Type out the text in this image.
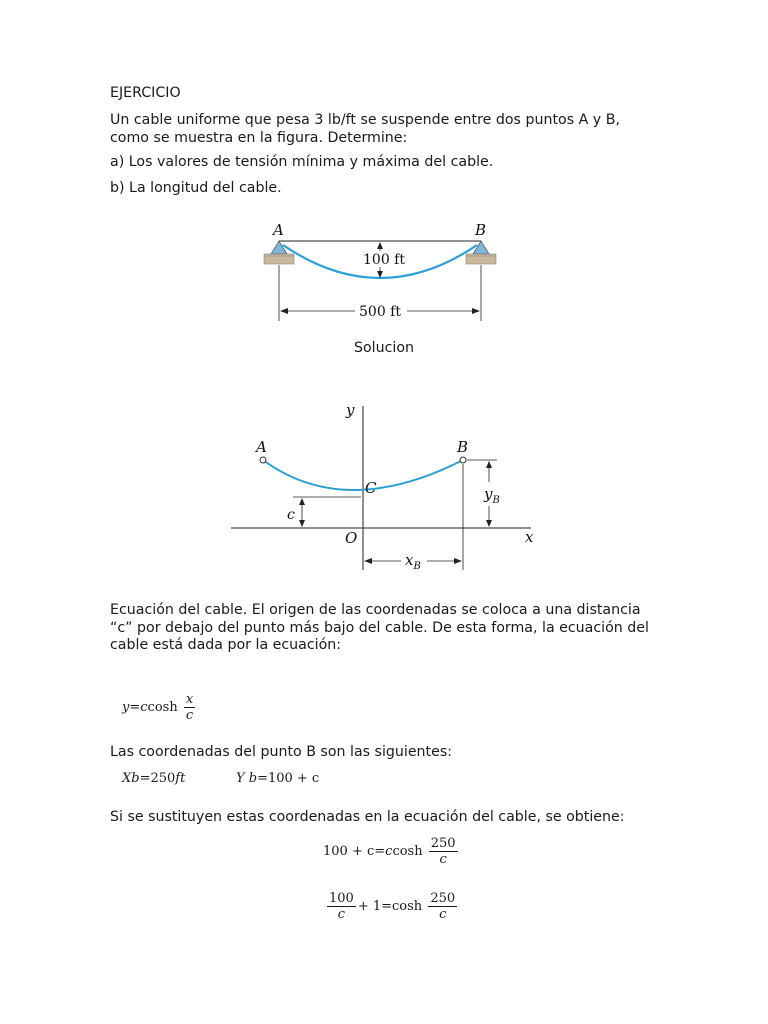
EJERCICIO

Un cable uniforme que pesa 3 lb/ft se suspende entre dos puntos A y B, como se muestra en la figura. Determine:

a) Los valores de tensión mínima y máxima del cable.

b) La longitud del cable.

100 ft
500 ft
A	B

Solucion

y
x
A	B
C
O
c
$y_B$
$x_B$

Ecuación del cable. El origen de las coordenadas se coloca a una distancia “c” por debajo del punto más bajo del cable. De esta forma, la ecuación del cable está dada por la ecuación:

$y=ccosh \frac{x}{c}$

Las coordenadas del punto B son las siguientes:

Xb=250ft	Y b=100 + c

Si se sustituyen estas coordenadas en la ecuación del cable, se obtiene:

$100 + c=ccosh \frac{250}{c}$
$\frac{100}{c} + 1=\cosh \frac{250}{c}$
